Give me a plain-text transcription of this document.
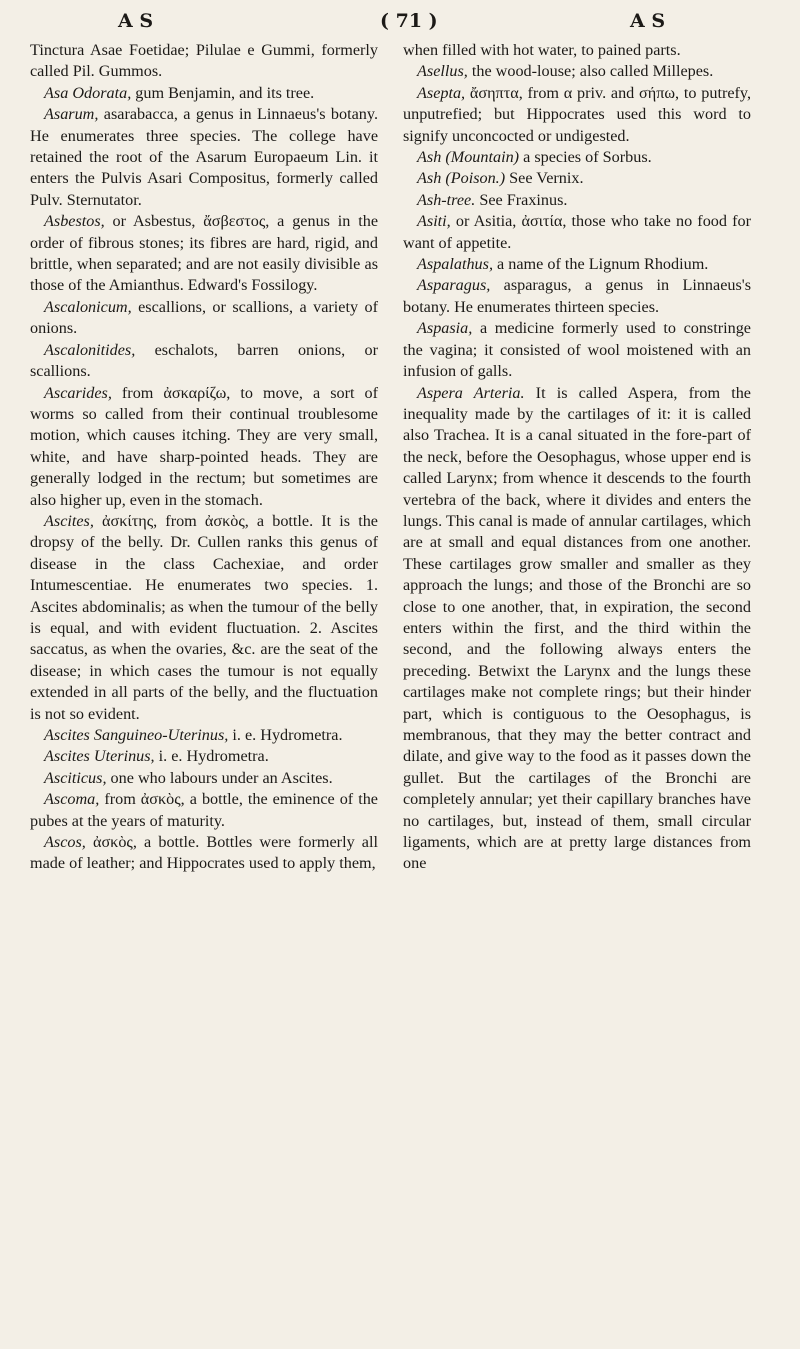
A S	( 71 )	A S

Tinctura Asae Foetidae; Pilulae e Gummi, formerly called Pil. Gummos.

Asa Odorata, gum Benjamin, and its tree.

Asarum, asarabacca, a genus in Linnaeus's botany. He enumerates three species. The college have retained the root of the Asarum Europaeum Lin. it enters the Pulvis Asari Compositus, formerly called Pulv. Sternutator.

Asbestos, or Asbestus, ἄσβεστος, a genus in the order of fibrous stones; its fibres are hard, rigid, and brittle, when separated; and are not easily divisible as those of the Amianthus. Edward's Fossilogy.

Ascalonicum, escallions, or scallions, a variety of onions.

Ascalonitides, eschalots, barren onions, or scallions.

Ascarides, from ἀσκαρίζω, to move, a sort of worms so called from their continual troublesome motion, which causes itching. They are very small, white, and have sharp-pointed heads. They are generally lodged in the rectum; but sometimes are also higher up, even in the stomach.

Ascites, ἀσκίτης, from ἀσκὸς, a bottle. It is the dropsy of the belly. Dr. Cullen ranks this genus of disease in the class Cachexiae, and order Intumescentiae. He enumerates two species. 1. Ascites abdominalis; as when the tumour of the belly is equal, and with evident fluctuation. 2. Ascites saccatus, as when the ovaries, &c. are the seat of the disease; in which cases the tumour is not equally extended in all parts of the belly, and the fluctuation is not so evident.

Ascites Sanguineo-Uterinus, i. e. Hydrometra.

Ascites Uterinus, i. e. Hydrometra.

Asciticus, one who labours under an Ascites.

Ascoma, from ἀσκὸς, a bottle, the eminence of the pubes at the years of maturity.

Ascos, ἀσκὸς, a bottle. Bottles were formerly all made of leather; and Hippocrates used to apply them,

when filled with hot water, to pained parts.

Asellus, the wood-louse; also called Millepes.

Asepta, ἄσηπτα, from α priv. and σήπω, to putrefy, unputrefied; but Hippocrates used this word to signify unconcocted or undigested.

Ash (Mountain) a species of Sorbus.

Ash (Poison.) See Vernix.

Ash-tree. See Fraxinus.

Asiti, or Asitia, ἀσιτία, those who take no food for want of appetite.

Aspalathus, a name of the Lignum Rhodium.

Asparagus, asparagus, a genus in Linnaeus's botany. He enumerates thirteen species.

Aspasia, a medicine formerly used to constringe the vagina; it consisted of wool moistened with an infusion of galls.

Aspera Arteria. It is called Aspera, from the inequality made by the cartilages of it: it is called also Trachea. It is a canal situated in the fore-part of the neck, before the Oesophagus, whose upper end is called Larynx; from whence it descends to the fourth vertebra of the back, where it divides and enters the lungs. This canal is made of annular cartilages, which are at small and equal distances from one another. These cartilages grow smaller and smaller as they approach the lungs; and those of the Bronchi are so close to one another, that, in expiration, the second enters within the first, and the third within the second, and the following always enters the preceding. Betwixt the Larynx and the lungs these cartilages make not complete rings; but their hinder part, which is contiguous to the Oesophagus, is membranous, that they may the better contract and dilate, and give way to the food as it passes down the gullet. But the cartilages of the Bronchi are completely annular; yet their capillary branches have no cartilages, but, instead of them, small circular ligaments, which are at pretty large distances from one
